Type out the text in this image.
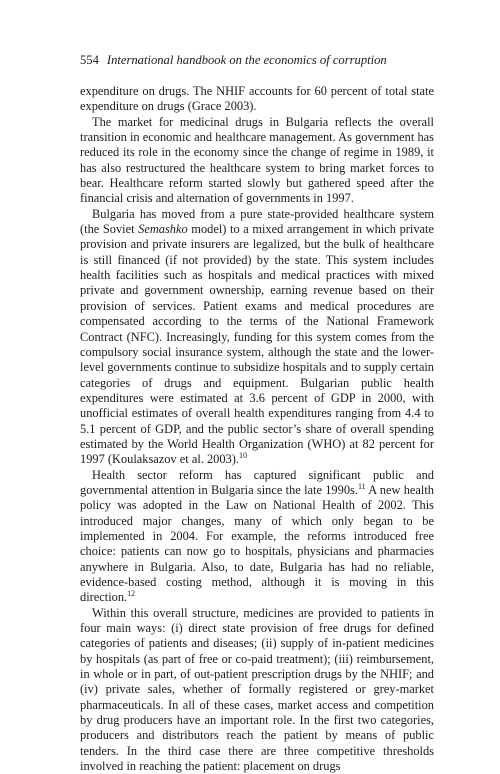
554 International handbook on the economics of corruption

expenditure on drugs. The NHIF accounts for 60 percent of total state expenditure on drugs (Grace 2003).

The market for medicinal drugs in Bulgaria reflects the overall transition in economic and healthcare management. As government has reduced its role in the economy since the change of regime in 1989, it has also restructured the healthcare system to bring market forces to bear. Healthcare reform started slowly but gathered speed after the financial crisis and alternation of governments in 1997.

Bulgaria has moved from a pure state-provided healthcare system (the Soviet Semashko model) to a mixed arrangement in which private provision and private insurers are legalized, but the bulk of healthcare is still financed (if not provided) by the state. This system includes health facilities such as hospitals and medical practices with mixed private and government ownership, earning revenue based on their provision of services. Patient exams and medical procedures are compensated according to the terms of the National Framework Contract (NFC). Increasingly, funding for this system comes from the compulsory social insurance system, although the state and the lower-level governments continue to subsidize hospitals and to supply certain categories of drugs and equipment. Bulgarian public health expenditures were estimated at 3.6 percent of GDP in 2000, with unofficial estimates of overall health expenditures ranging from 4.4 to 5.1 percent of GDP, and the public sector’s share of overall spending estimated by the World Health Organization (WHO) at 82 percent for 1997 (Koulaksazov et al. 2003).$^{10}$

Health sector reform has captured significant public and governmental attention in Bulgaria since the late 1990s.$^{11}$ A new health policy was adopted in the Law on National Health of 2002. This introduced major changes, many of which only began to be implemented in 2004. For example, the reforms introduced free choice: patients can now go to hospitals, physicians and pharmacies anywhere in Bulgaria. Also, to date, Bulgaria has had no reliable, evidence-based costing method, although it is moving in this direction.$^{12}$

Within this overall structure, medicines are provided to patients in four main ways: (i) direct state provision of free drugs for defined categories of patients and diseases; (ii) supply of in-patient medicines by hospitals (as part of free or co-paid treatment); (iii) reimbursement, in whole or in part, of out-patient prescription drugs by the NHIF; and (iv) private sales, whether of formally registered or grey-market pharmaceuticals. In all of these cases, market access and competition by drug producers have an important role. In the first two categories, producers and distributors reach the patient by means of public tenders. In the third case there are three competitive thresholds involved in reaching the patient: placement on drugs
